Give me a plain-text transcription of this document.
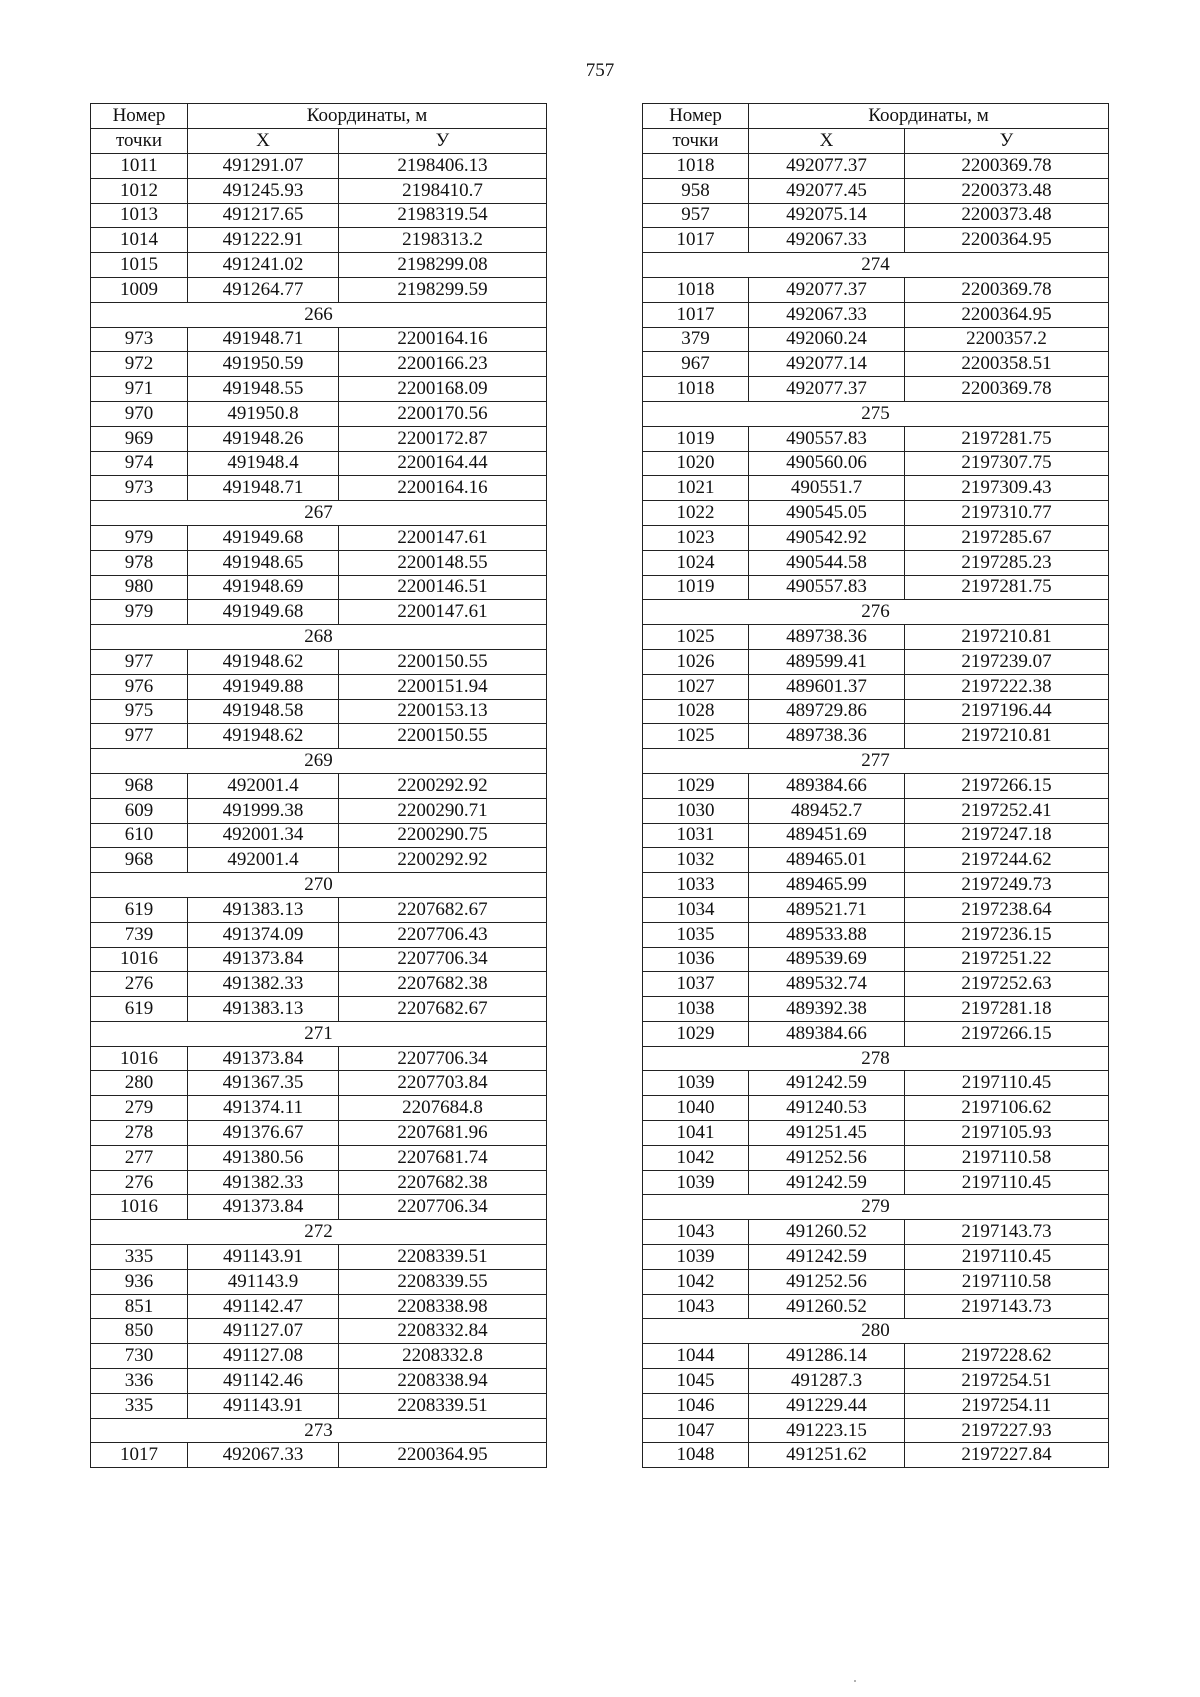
757
Номер	Координаты, м	
точки	X	У
1011	491291.07	2198406.13
1012	491245.93	2198410.7
1013	491217.65	2198319.54
1014	491222.91	2198313.2
1015	491241.02	2198299.08
1009	491264.77	2198299.59
266		
973	491948.71	2200164.16
972	491950.59	2200166.23
971	491948.55	2200168.09
970	491950.8	2200170.56
969	491948.26	2200172.87
974	491948.4	2200164.44
973	491948.71	2200164.16
267		
979	491949.68	2200147.61
978	491948.65	2200148.55
980	491948.69	2200146.51
979	491949.68	2200147.61
268		
977	491948.62	2200150.55
976	491949.88	2200151.94
975	491948.58	2200153.13
977	491948.62	2200150.55
269		
968	492001.4	2200292.92
609	491999.38	2200290.71
610	492001.34	2200290.75
968	492001.4	2200292.92
270		
619	491383.13	2207682.67
739	491374.09	2207706.43
1016	491373.84	2207706.34
276	491382.33	2207682.38
619	491383.13	2207682.67
271		
1016	491373.84	2207706.34
280	491367.35	2207703.84
279	491374.11	2207684.8
278	491376.67	2207681.96
277	491380.56	2207681.74
276	491382.33	2207682.38
1016	491373.84	2207706.34
272		
335	491143.91	2208339.51
936	491143.9	2208339.55
851	491142.47	2208338.98
850	491127.07	2208332.84
730	491127.08	2208332.8
336	491142.46	2208338.94
335	491143.91	2208339.51
273		
1017	492067.33	2200364.95
Номер	Координаты, м	
точки	X	У
1018	492077.37	2200369.78
958	492077.45	2200373.48
957	492075.14	2200373.48
1017	492067.33	2200364.95
274		
1018	492077.37	2200369.78
1017	492067.33	2200364.95
379	492060.24	2200357.2
967	492077.14	2200358.51
1018	492077.37	2200369.78
275		
1019	490557.83	2197281.75
1020	490560.06	2197307.75
1021	490551.7	2197309.43
1022	490545.05	2197310.77
1023	490542.92	2197285.67
1024	490544.58	2197285.23
1019	490557.83	2197281.75
276		
1025	489738.36	2197210.81
1026	489599.41	2197239.07
1027	489601.37	2197222.38
1028	489729.86	2197196.44
1025	489738.36	2197210.81
277		
1029	489384.66	2197266.15
1030	489452.7	2197252.41
1031	489451.69	2197247.18
1032	489465.01	2197244.62
1033	489465.99	2197249.73
1034	489521.71	2197238.64
1035	489533.88	2197236.15
1036	489539.69	2197251.22
1037	489532.74	2197252.63
1038	489392.38	2197281.18
1029	489384.66	2197266.15
278		
1039	491242.59	2197110.45
1040	491240.53	2197106.62
1041	491251.45	2197105.93
1042	491252.56	2197110.58
1039	491242.59	2197110.45
279		
1043	491260.52	2197143.73
1039	491242.59	2197110.45
1042	491252.56	2197110.58
1043	491260.52	2197143.73
280		
1044	491286.14	2197228.62
1045	491287.3	2197254.51
1046	491229.44	2197254.11
1047	491223.15	2197227.93
1048	491251.62	2197227.84
